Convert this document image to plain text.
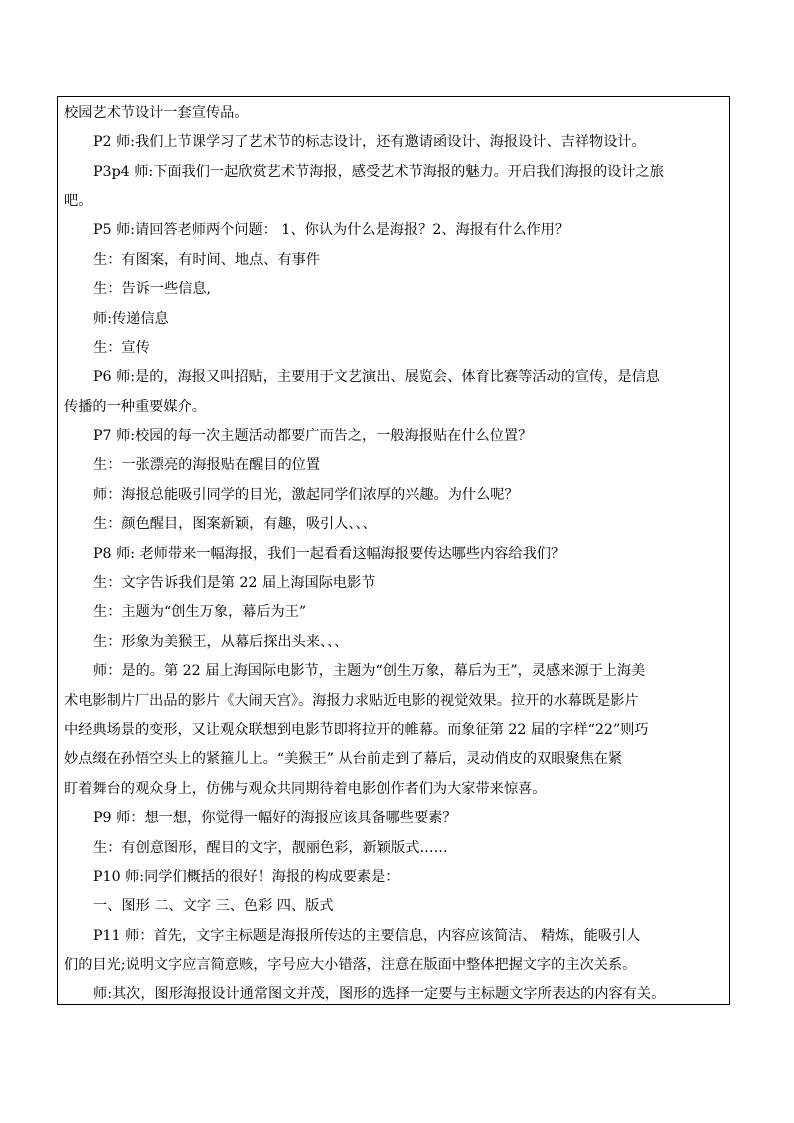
校园艺术节设计一套宣传品。
P2 师:我们上节课学习了艺术节的标志设计，还有邀请函设计、海报设计、吉祥物设计。
P3p4 师:下面我们一起欣赏艺术节海报，感受艺术节海报的魅力。开启我们海报的设计之旅
吧。
P5 师:请回答老师两个问题： 1、你认为什么是海报？2、海报有什么作用？
生：有图案，有时间、地点、有事件
生：告诉一些信息,
师:传递信息
生：宣传
P6 师:是的，海报又叫招贴，主要用于文艺演出、展览会、体育比赛等活动的宣传，是信息
传播的一种重要媒介。
P7 师:校园的每一次主题活动都要广而告之，一般海报贴在什么位置？
生：一张漂亮的海报贴在醒目的位置
师：海报总能吸引同学的目光，激起同学们浓厚的兴趣。为什么呢？
生：颜色醒目，图案新颖，有趣，吸引人、、、
P8 师: 老师带来一幅海报，我们一起看看这幅海报要传达哪些内容给我们？
生：文字告诉我们是第 22 届上海国际电影节
生：主题为“创生万象，幕后为王”
生：形象为美猴王，从幕后探出头来、、、
师：是的。第 22 届上海国际电影节，主题为“创生万象，幕后为王”，灵感来源于上海美
术电影制片厂出品的影片《大闹天宫》。海报力求贴近电影的视觉效果。拉开的水幕既是影片
中经典场景的变形，又让观众联想到电影节即将拉开的帷幕。而象征第 22 届的字样“22”则巧
妙点缀在孙悟空头上的紧箍儿上。“美猴王” 从台前走到了幕后，灵动俏皮的双眼聚焦在紧
盯着舞台的观众身上，仿佛与观众共同期待着电影创作者们为大家带来惊喜。
P9 师：想一想，你觉得一幅好的海报应该具备哪些要素？
生：有创意图形，醒目的文字，靓丽色彩，新颖版式……
P10 师:同学们概括的很好！海报的构成要素是：
一、图形 二、文字 三、色彩 四、版式
P11 师：首先，文字主标题是海报所传达的主要信息，内容应该简洁、 精炼，能吸引人
们的目光;说明文字应言简意赅，字号应大小错落，注意在版面中整体把握文字的主次关系。
师:其次，图形海报设计通常图文并茂，图形的选择一定要与主标题文字所表达的内容有关。
